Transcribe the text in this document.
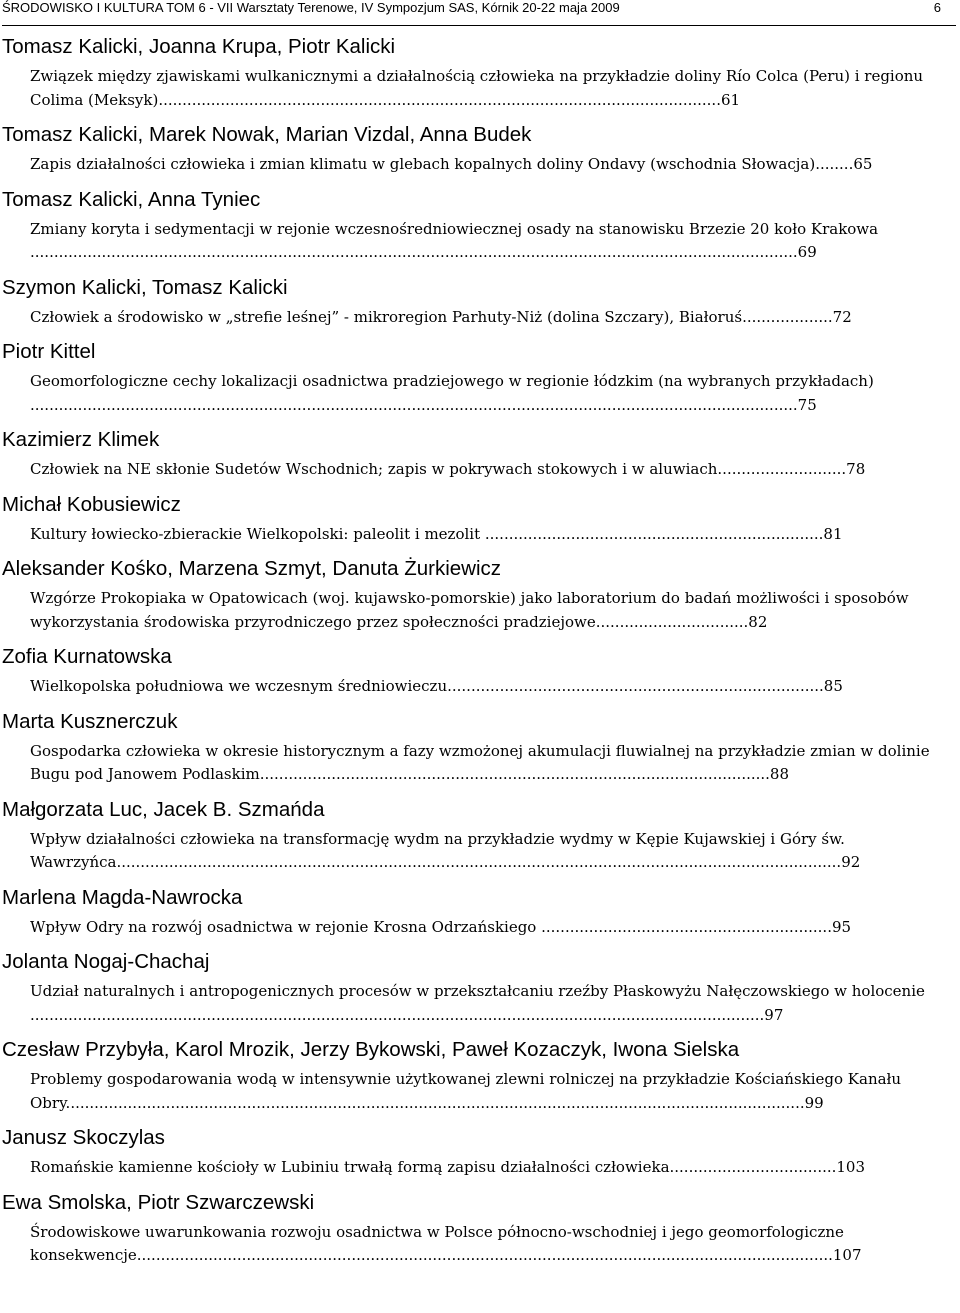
ŚRODOWISKO I KULTURA TOM 6 - VII Warsztaty Terenowe, IV Sympozjum SAS, Kórnik 20-22 maja 2009	6
Tomasz Kalicki, Joanna Krupa, Piotr Kalicki
Związek między zjawiskami wulkanicznymi a działalnością człowieka na przykładzie doliny Río Colca (Peru) i regionu Colima (Meksyk)......................................................................................................................61
Tomasz Kalicki, Marek Nowak, Marian Vizdal, Anna Budek
Zapis działalności człowieka i zmian klimatu w glebach kopalnych doliny Ondavy (wschodnia Słowacja)........65
Tomasz Kalicki, Anna Tyniec
Zmiany koryta i sedymentacji w rejonie wczesnośredniowiecznej osady na stanowisku Brzezie 20 koło Krakowa .................................................................................................................................................................69
Szymon Kalicki, Tomasz Kalicki
Człowiek a środowisko w „strefie leśnej” - mikroregion Parhuty-Niż (dolina Szczary), Białoruś...................72
Piotr Kittel
Geomorfologiczne cechy lokalizacji osadnictwa pradziejowego w regionie łódzkim (na wybranych przykładach) .................................................................................................................................................................75
Kazimierz Klimek
Człowiek na NE skłonie Sudetów Wschodnich; zapis w pokrywach stokowych i w aluwiach...........................78
Michał Kobusiewicz
Kultury łowiecko-zbierackie Wielkopolski: paleolit i mezolit .......................................................................81
Aleksander Kośko, Marzena Szmyt, Danuta Żurkiewicz
Wzgórze Prokopiaka w Opatowicach (woj. kujawsko-pomorskie) jako laboratorium do badań możliwości i sposobów wykorzystania środowiska przyrodniczego przez społeczności pradziejowe................................82
Zofia Kurnatowska
Wielkopolska południowa we wczesnym średniowieczu...............................................................................85
Marta Kusznerczuk
Gospodarka człowieka w okresie historycznym a fazy wzmożonej akumulacji fluwialnej na przykładzie zmian w dolinie Bugu pod Janowem Podlaskim...........................................................................................................88
Małgorzata Luc, Jacek B. Szmańda
Wpływ działalności człowieka na transformację wydm na przykładzie wydmy w Kępie Kujawskiej i Góry św. Wawrzyńca........................................................................................................................................................92
Marlena Magda-Nawrocka
Wpływ Odry na rozwój osadnictwa w rejonie Krosna Odrzańskiego .............................................................95
Jolanta Nogaj-Chachaj
Udział naturalnych i antropogenicznych procesów w przekształcaniu rzeźby Płaskowyżu Nałęczowskiego w holocenie ..........................................................................................................................................................97
Czesław Przybyła, Karol Mrozik, Jerzy Bykowski, Paweł Kozaczyk, Iwona Sielska
Problemy gospodarowania wodą w intensywnie użytkowanej zlewni rolniczej na przykładzie Kościańskiego Kanału Obry...........................................................................................................................................................99
Janusz Skoczylas
Romańskie kamienne kościoły w Lubiniu trwałą formą zapisu działalności człowieka...................................103
Ewa Smolska, Piotr Szwarczewski
Środowiskowe uwarunkowania rozwoju osadnictwa w Polsce północno-wschodniej i jego geomorfologiczne konsekwencje..................................................................................................................................................107
